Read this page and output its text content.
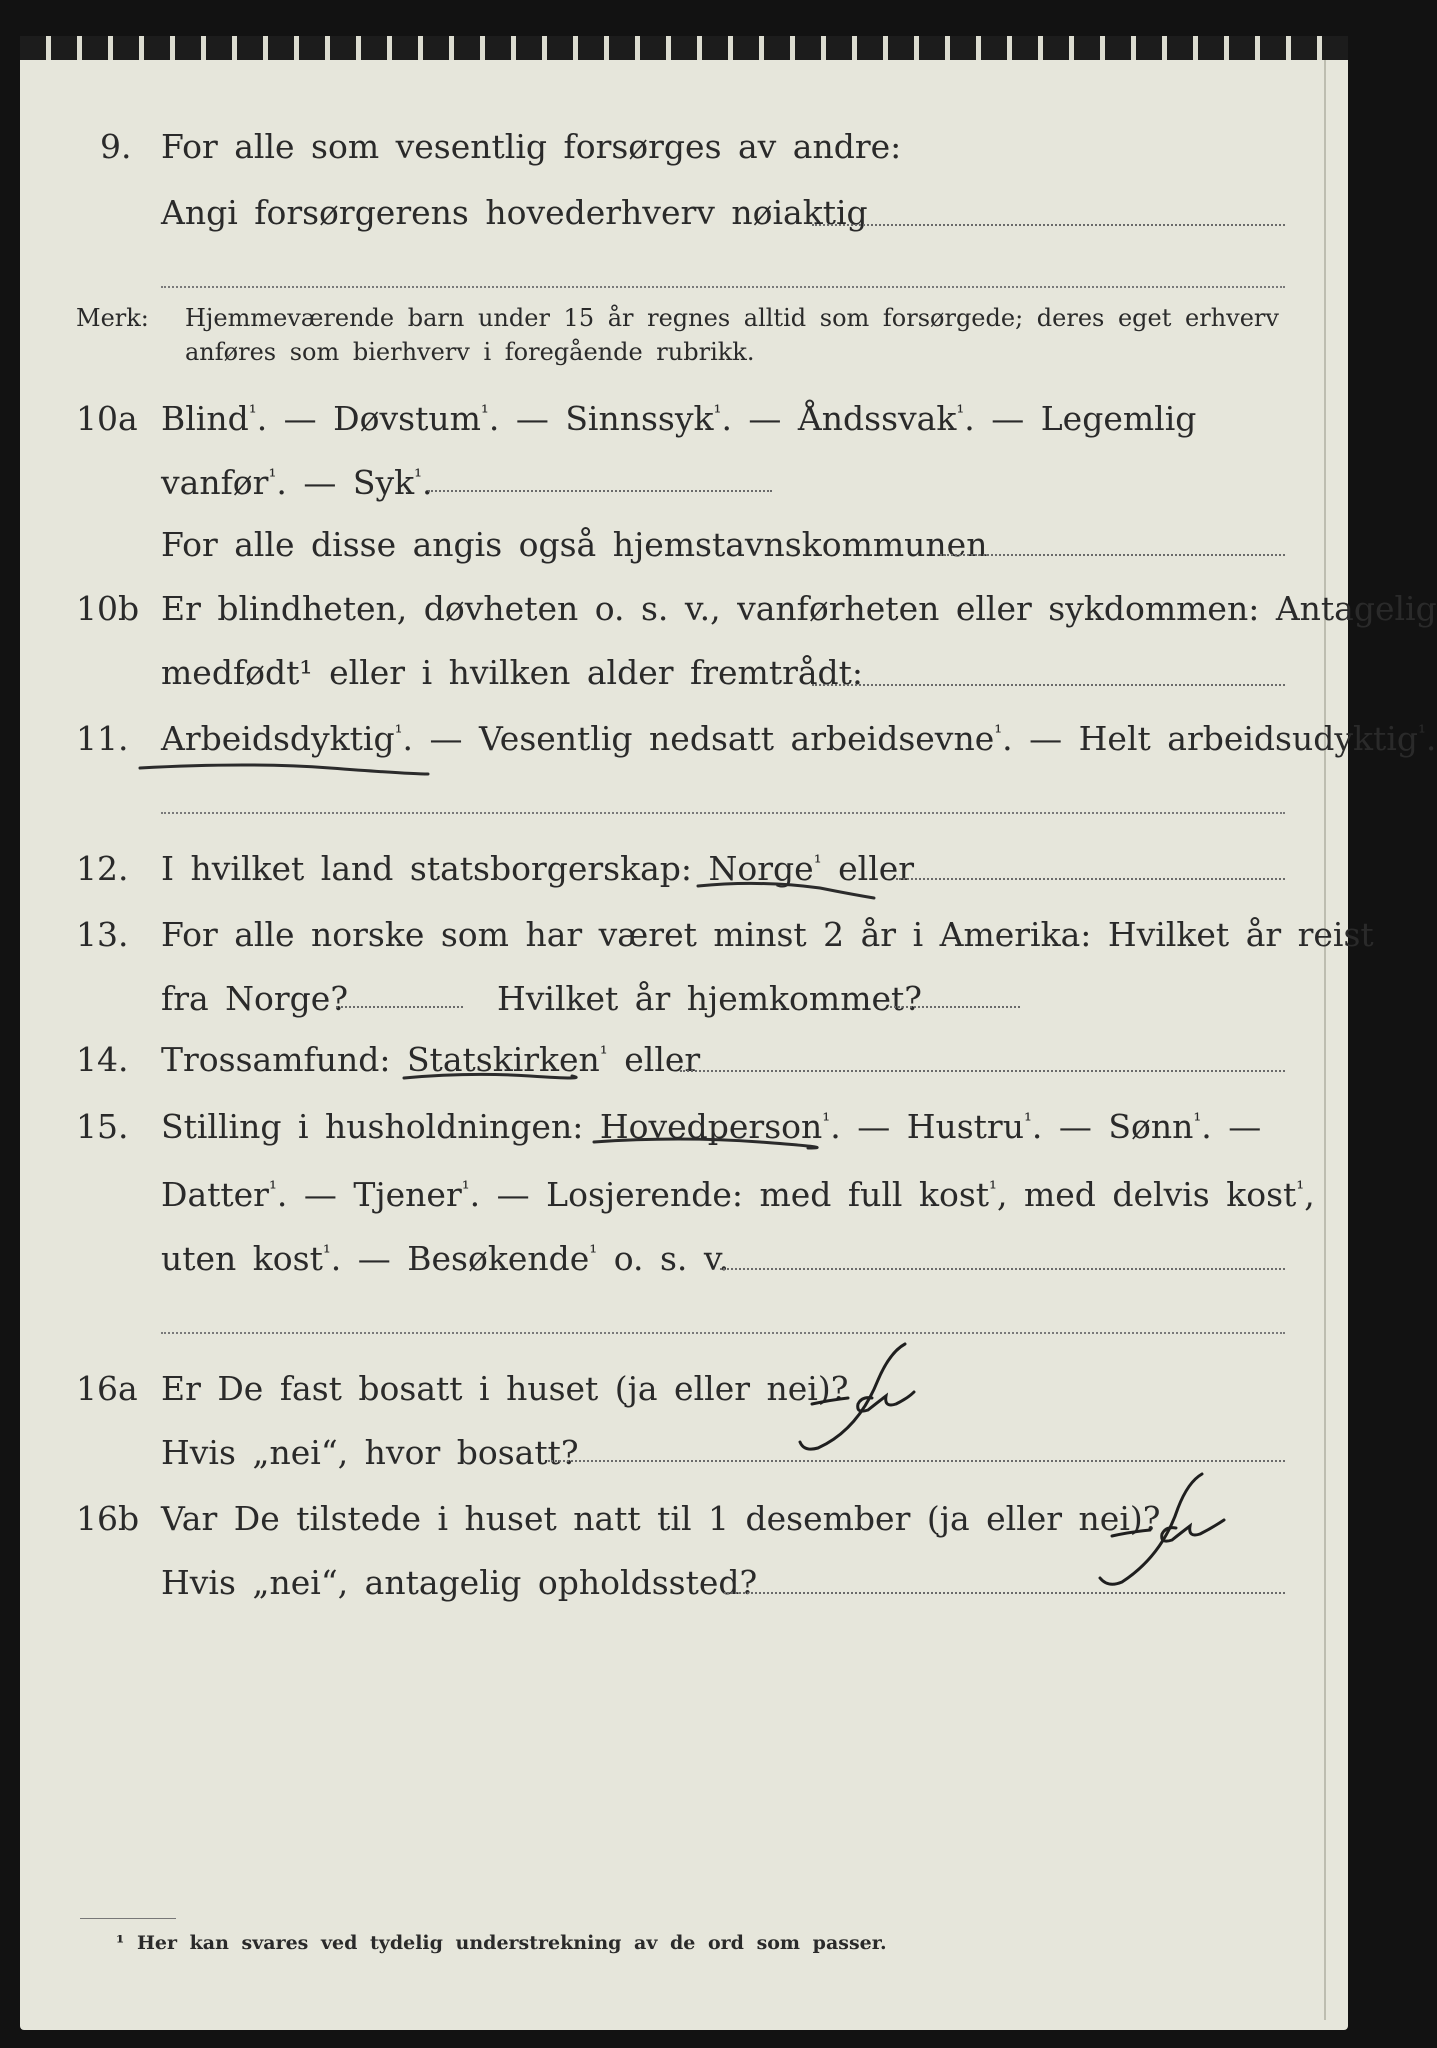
9. For alle som vesentlig forsørges av andre:
Angi forsørgerens hovederhverv nøiaktig
Merk: Hjemmeværende barn under 15 år regnes alltid som forsørgede; deres eget erhverv
anføres som bierhverv i foregående rubrikk.
10a Blind$^{^1}$. — Døvstum$^{^1}$. — Sinnssyk$^{^1}$. — Åndssvak$^{^1}$. — Legemlig
vanfør$^{^1}$. — Syk$^{^1}$.
For alle disse angis også hjemstavnskommunen
10b Er blindheten, døvheten o. s. v., vanførheten eller sykdommen: Antagelig
medfødt¹ eller i hvilken alder fremtrådt:
11. Arbeidsdyktig$^{^1}$. — Vesentlig nedsatt arbeidsevne$^{^1}$. — Helt arbeidsudyktig$^{^1}$.
12. I hvilket land statsborgerskap: Norge$^{^1}$ eller
13. For alle norske som har været minst 2 år i Amerika: Hvilket år reist
fra Norge?	Hvilket år hjemkommet?
14. Trossamfund: Statskirken$^{^1}$ eller
15. Stilling i husholdningen: Hovedperson$^{^1}$. — Hustru$^{^1}$. — Sønn$^{^1}$. —
Datter$^{^1}$. — Tjener$^{^1}$. — Losjerende: med full kost$^{^1}$, med delvis kost$^{^1}$,
uten kost$^{^1}$. — Besøkende$^{^1}$ o. s. v.
16a Er De fast bosatt i huset (ja eller nei)?
Hvis „nei“, hvor bosatt?
16b Var De tilstede i huset natt til 1 desember (ja eller nei)?
Hvis „nei“, antagelig opholdssted?
¹ Her kan svares ved tydelig understrekning av de ord som passer.
